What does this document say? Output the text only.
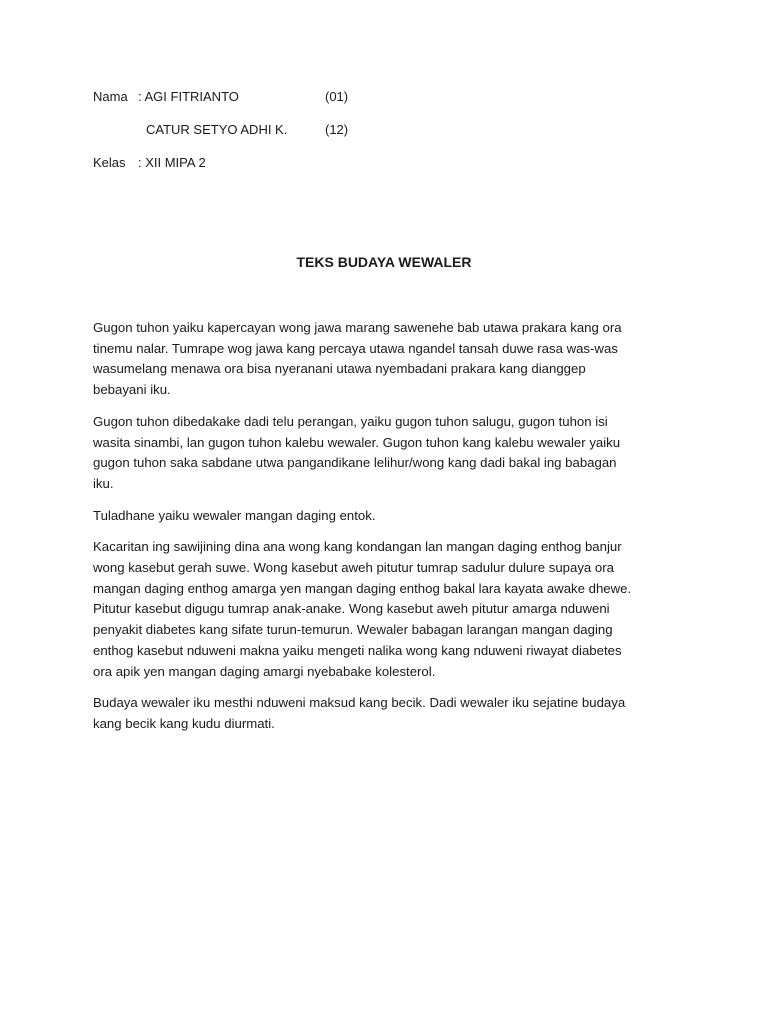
Nama : AGI FITRIANTO	(01)
CATUR SETYO ADHI K.	(12)
Kelas : XII MIPA 2
TEKS BUDAYA WEWALER

Gugon tuhon yaiku kapercayan wong jawa marang sawenehe bab utawa prakara kang ora
tinemu nalar. Tumrape wog jawa kang percaya utawa ngandel tansah duwe rasa was-was
wasumelang menawa ora bisa nyeranani utawa nyembadani prakara kang dianggep
bebayani iku.

Gugon tuhon dibedakake dadi telu perangan, yaiku gugon tuhon salugu, gugon tuhon isi
wasita sinambi, lan gugon tuhon kalebu wewaler. Gugon tuhon kang kalebu wewaler yaiku
gugon tuhon saka sabdane utwa pangandikane lelihur/wong kang dadi bakal ing babagan
iku.

Tuladhane yaiku wewaler mangan daging entok.

Kacaritan ing sawijining dina ana wong kang kondangan lan mangan daging enthog banjur
wong kasebut gerah suwe. Wong kasebut aweh pitutur tumrap sadulur dulure supaya ora
mangan daging enthog amarga yen mangan daging enthog bakal lara kayata awake dhewe.
Pitutur kasebut digugu tumrap anak-anake. Wong kasebut aweh pitutur amarga nduweni
penyakit diabetes kang sifate turun-temurun. Wewaler babagan larangan mangan daging
enthog kasebut nduweni makna yaiku mengeti nalika wong kang nduweni riwayat diabetes
ora apik yen mangan daging amargi nyebabake kolesterol.

Budaya wewaler iku mesthi nduweni maksud kang becik. Dadi wewaler iku sejatine budaya
kang becik kang kudu diurmati.
